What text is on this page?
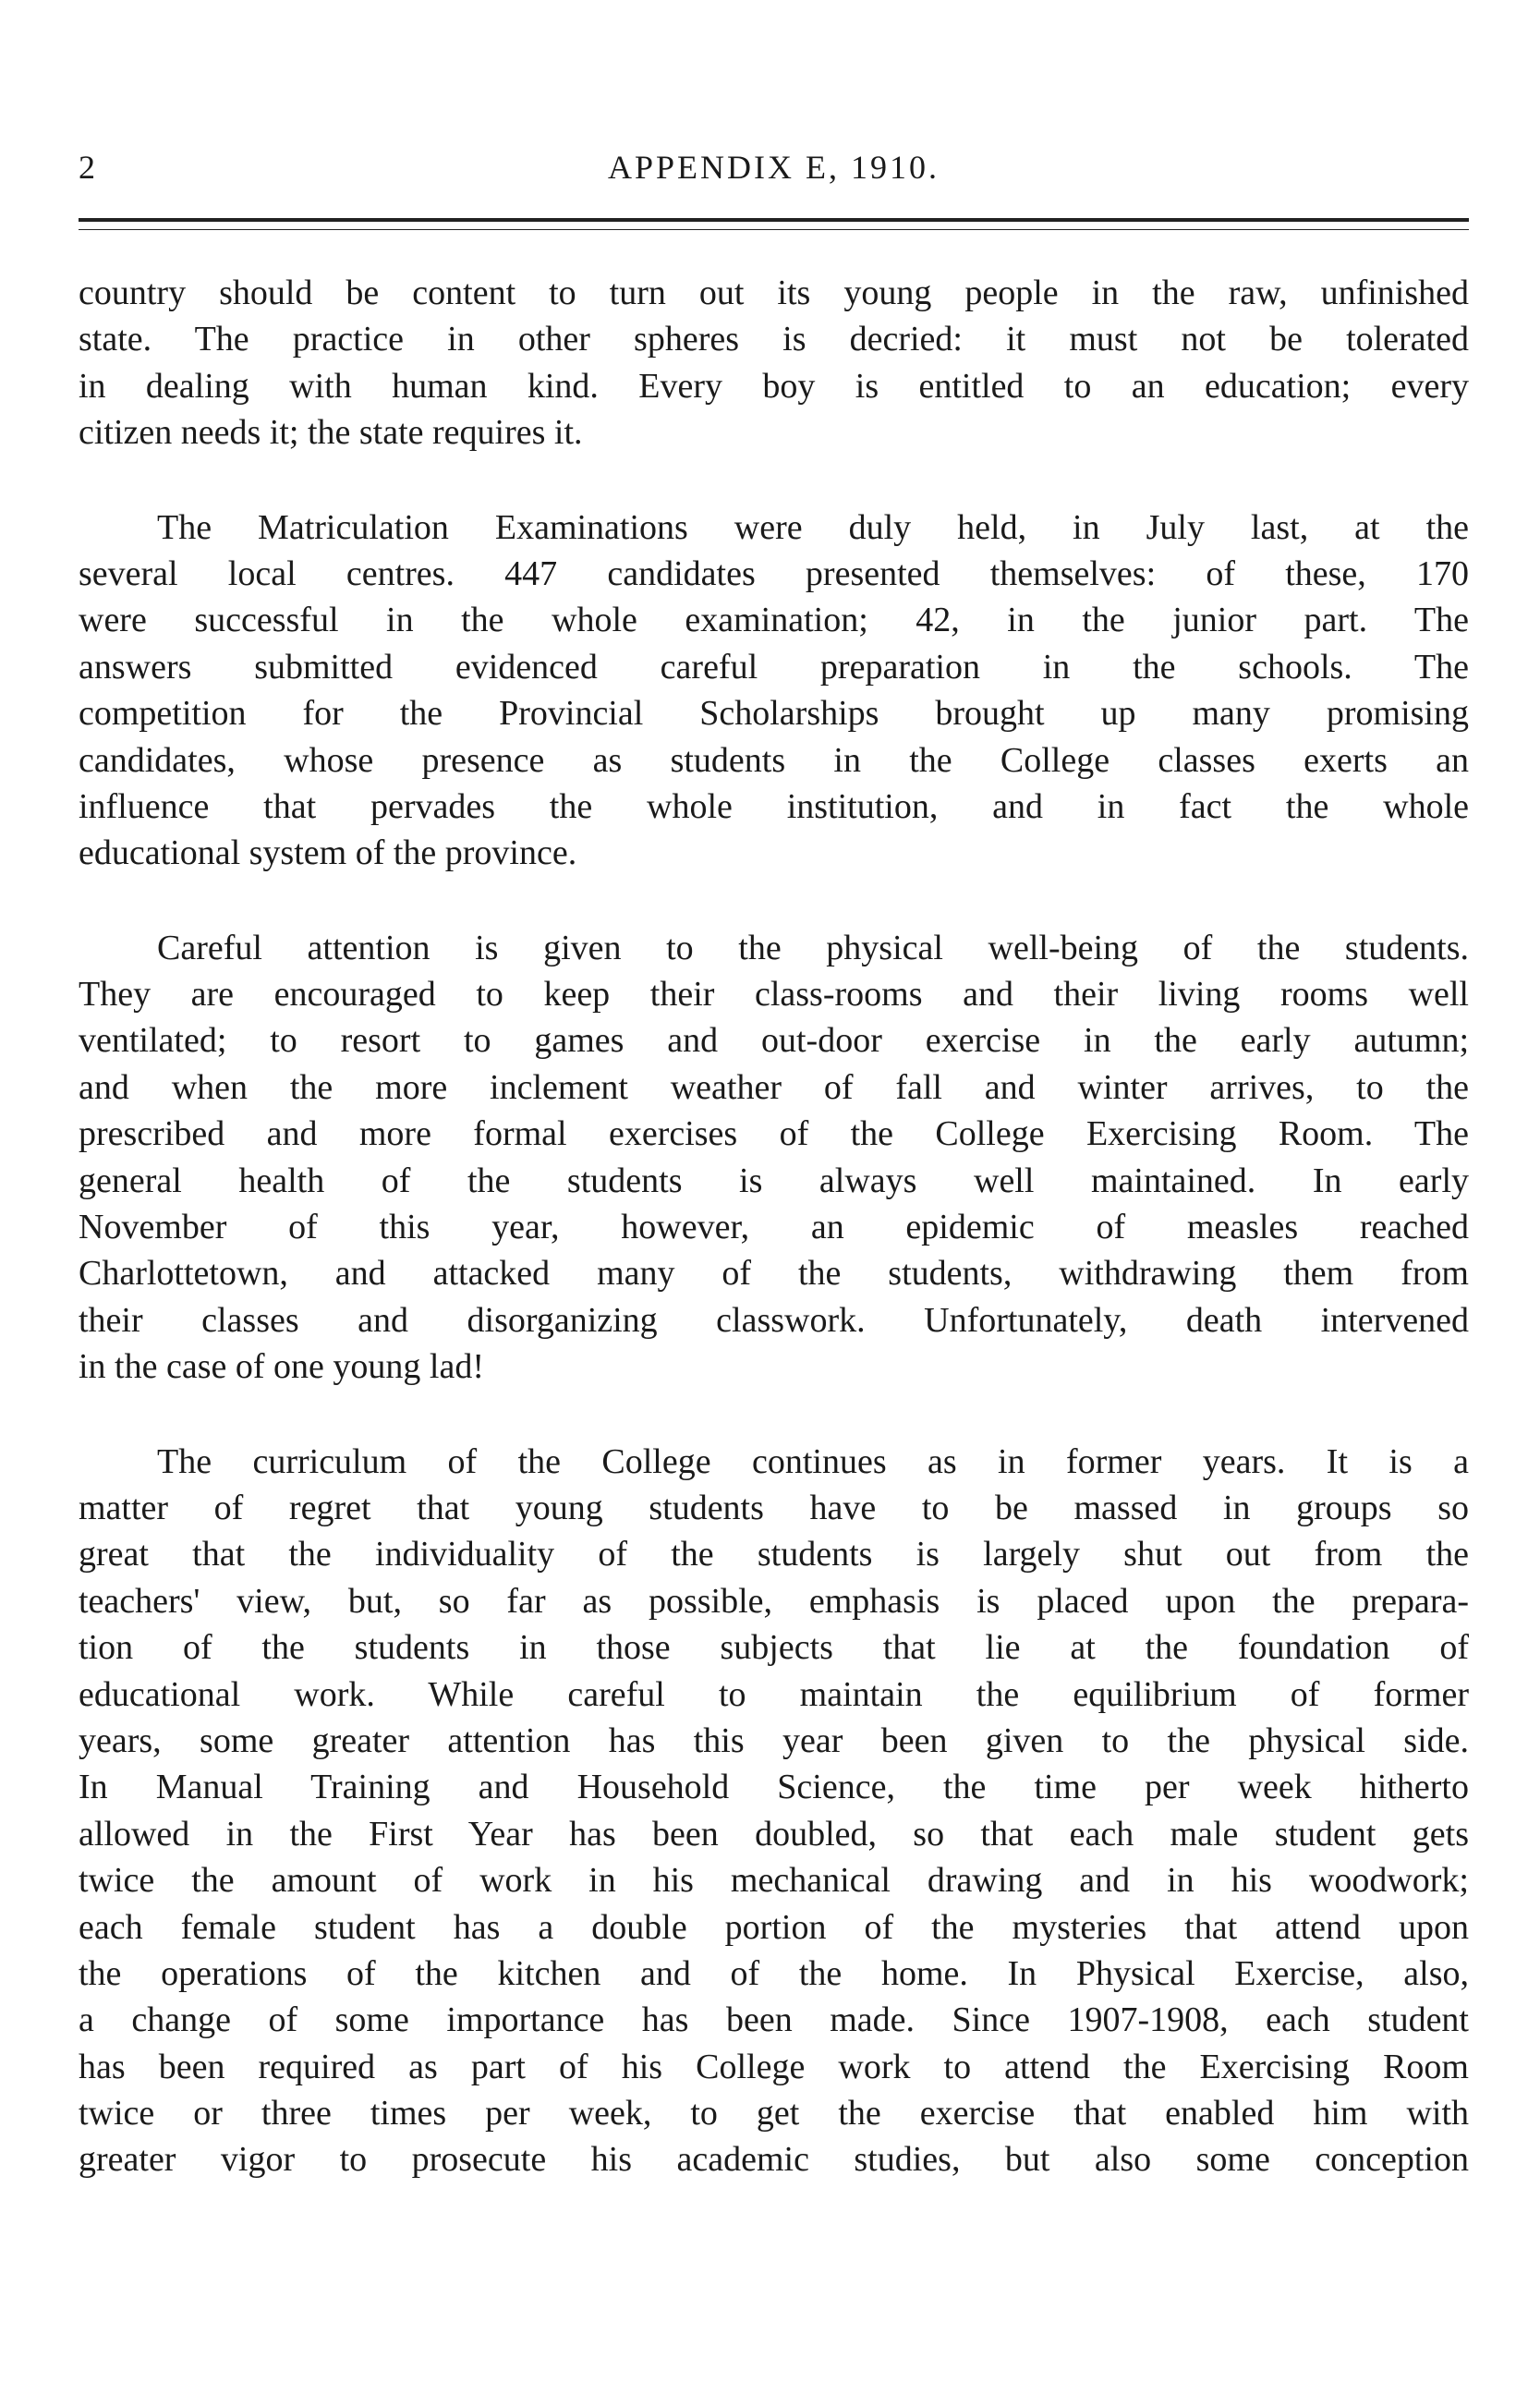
2	APPENDIX E, 1910.
country should be content to turn out its young people in the raw, unfinished
state. The practice in other spheres is decried: it must not be tolerated
in dealing with human kind. Every boy is entitled to an education; every
citizen needs it; the state requires it.
The Matriculation Examinations were duly held, in July last, at the
several local centres. 447 candidates presented themselves: of these, 170
were successful in the whole examination; 42, in the junior part. The
answers submitted evidenced careful preparation in the schools. The
competition for the Provincial Scholarships brought up many promising
candidates, whose presence as students in the College classes exerts an
influence that pervades the whole institution, and in fact the whole
educational system of the province.
Careful attention is given to the physical well-being of the students.
They are encouraged to keep their class-rooms and their living rooms well
ventilated; to resort to games and out-door exercise in the early autumn;
and when the more inclement weather of fall and winter arrives, to the
prescribed and more formal exercises of the College Exercising Room. The
general health of the students is always well maintained. In early
November of this year, however, an epidemic of measles reached
Charlottetown, and attacked many of the students, withdrawing them from
their classes and disorganizing classwork. Unfortunately, death intervened
in the case of one young lad!
The curriculum of the College continues as in former years. It is a
matter of regret that young students have to be massed in groups so
great that the individuality of the students is largely shut out from the
teachers' view, but, so far as possible, emphasis is placed upon the prepara-
tion of the students in those subjects that lie at the foundation of
educational work. While careful to maintain the equilibrium of former
years, some greater attention has this year been given to the physical side.
In Manual Training and Household Science, the time per week hitherto
allowed in the First Year has been doubled, so that each male student gets
twice the amount of work in his mechanical drawing and in his woodwork;
each female student has a double portion of the mysteries that attend upon
the operations of the kitchen and of the home. In Physical Exercise, also,
a change of some importance has been made. Since 1907-1908, each student
has been required as part of his College work to attend the Exercising Room
twice or three times per week, to get the exercise that enabled him with
greater vigor to prosecute his academic studies, but also some conception
